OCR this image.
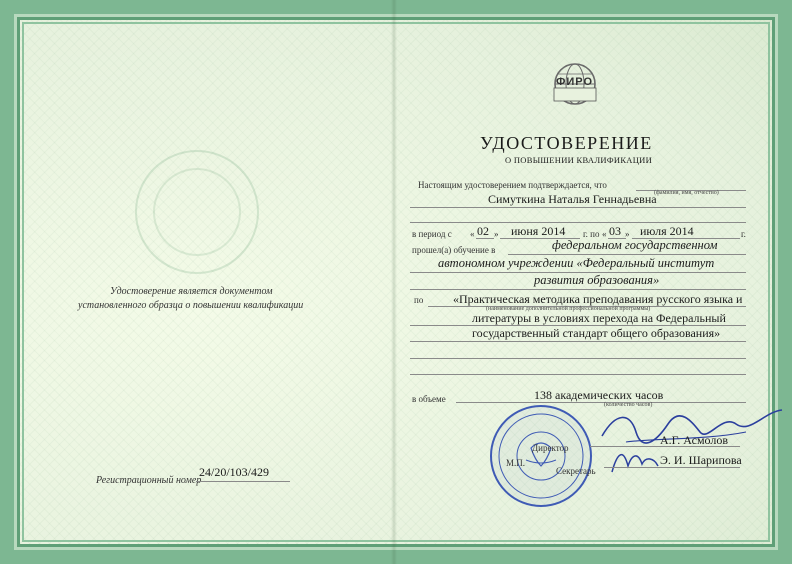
Удостоверение является документом
установленного образца о повышении квалификации
Регистрационный номер
24/20/103/429
ФИРО
УДОСТОВЕРЕНИЕ
О ПОВЫШЕНИИ КВАЛИФИКАЦИИ
Настоящим удостоверением подтверждается, что
(фамилия, имя, отчество)
Симуткина Наталья Геннадьевна
в период с « 02 » июня 2014 г. по « 03 » июля 2014	г.
прошел(а) обучение в	федеральном государственном
автономном учреждении «Федеральный институт
развития образования»
по «Практическая методика преподавания русского языка и
(наименование дополнительной профессиональной программы)
литературы в условиях перехода на Федеральный
государственный стандарт общего образования»
в объеме	138 академических часов
(количество часов)
Директор
А.Г. Асмолов
М.П.
Секретарь
Э. И. Шарипова
